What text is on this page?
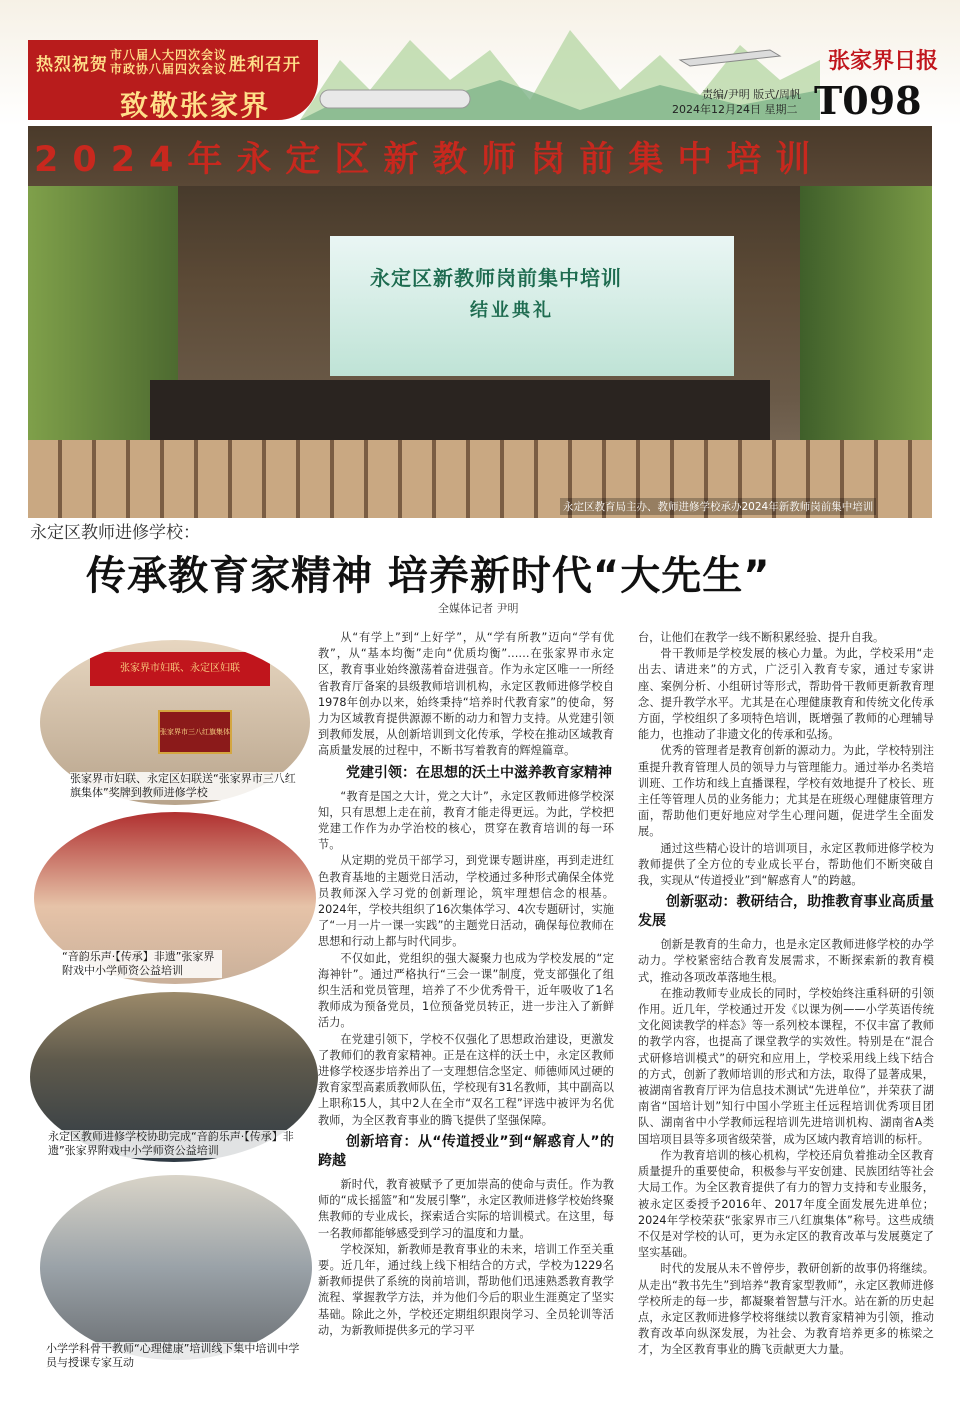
热烈祝贺 市八届人大四次会议
市政协八届四次会议 胜利召开
致敬张家界
张家界日报
责编/尹明 版式/周帆
2024年12月24日 星期二 T098
2024年永定区新教师岗前集中培训
永定区新教师岗前集中培训
结业典礼
永定区教育局主办、教师进修学校承办2024年新教师岗前集中培训
永定区教师进修学校：
传承教育家精神 培养新时代“大先生”
全媒体记者 尹明
张家界市妇联、永定区妇联
张家界市三八红旗集体
张家界市妇联、永定区妇联送“张家界市三八红旗集体”奖牌到教师进修学校
“音韵乐声·【传承】非遗”张家界附戏中小学师资公益培训
永定区教师进修学校协助完成“音韵乐声·【传承】非遗”张家界附戏中小学师资公益培训
小学学科骨干教师“心理健康”培训线下集中培训中学员与授课专家互动

从“有学上”到“上好学”，从“学有所教”迈向“学有优教”，从“基本均衡”走向“优质均衡”……在张家界市永定区，教育事业始终激荡着奋进强音。作为永定区唯一一所经省教育厅备案的县级教师培训机构，永定区教师进修学校自1978年创办以来，始终秉持“培养时代教育家”的使命，努力为区域教育提供源源不断的动力和智力支持。从党建引领到教师发展，从创新培训到文化传承，学校在推动区域教育高质量发展的过程中，不断书写着教育的辉煌篇章。

党建引领：在思想的沃土中滋养教育家精神

“教育是国之大计，党之大计”，永定区教师进修学校深知，只有思想上走在前，教育才能走得更远。为此，学校把党建工作作为办学治校的核心，贯穿在教育培训的每一环节。

从定期的党员干部学习，到党课专题讲座，再到走进红色教育基地的主题党日活动，学校通过多种形式确保全体党员教师深入学习党的创新理论，筑牢理想信念的根基。2024年，学校共组织了16次集体学习、4次专题研讨，实施了“一月一片一课一实践”的主题党日活动，确保每位教师在思想和行动上都与时代同步。

不仅如此，党组织的强大凝聚力也成为学校发展的“定海神针”。通过严格执行“三会一课”制度，党支部强化了组织生活和党员管理，培养了不少优秀骨干，近年吸收了1名教师成为预备党员，1位预备党员转正，进一步注入了新鲜活力。

在党建引领下，学校不仅强化了思想政治建设，更激发了教师们的教育家精神。正是在这样的沃土中，永定区教师进修学校逐步培养出了一支理想信念坚定、师德师风过硬的教育家型高素质教师队伍，学校现有31名教师，其中副高以上职称15人，其中2人在全市“双名工程”评选中被评为名优教师，为全区教育事业的腾飞提供了坚强保障。

创新培育：从“传道授业”到“解惑育人”的跨越

新时代，教育被赋予了更加崇高的使命与责任。作为教师的“成长摇篮”和“发展引擎”，永定区教师进修学校始终聚焦教师的专业成长，探索适合实际的培训模式。在这里，每一名教师都能够感受到学习的温度和力量。

学校深知，新教师是教育事业的未来，培训工作至关重要。近几年，通过线上线下相结合的方式，学校为1229名新教师提供了系统的岗前培训，帮助他们迅速熟悉教育教学流程、掌握教学方法，并为他们今后的职业生涯奠定了坚实基础。除此之外，学校还定期组织跟岗学习、全员轮训等活动，为新教师提供多元的学习平

台，让他们在教学一线不断积累经验、提升自我。

骨干教师是学校发展的核心力量。为此，学校采用“走出去、请进来”的方式，广泛引入教育专家，通过专家讲座、案例分析、小组研讨等形式，帮助骨干教师更新教育理念、提升教学水平。尤其是在心理健康教育和传统文化传承方面，学校组织了多项特色培训，既增强了教师的心理辅导能力，也推动了非遗文化的传承和弘扬。

优秀的管理者是教育创新的源动力。为此，学校特别注重提升教育管理人员的领导力与管理能力。通过举办名类培训班、工作坊和线上直播课程，学校有效地提升了校长、班主任等管理人员的业务能力；尤其是在班级心理健康管理方面，帮助他们更好地应对学生心理问题，促进学生全面发展。

通过这些精心设计的培训项目，永定区教师进修学校为教师提供了全方位的专业成长平台，帮助他们不断突破自我，实现从“传道授业”到“解惑育人”的跨越。

创新驱动：教研结合，助推教育事业高质量发展

创新是教育的生命力，也是永定区教师进修学校的办学动力。学校紧密结合教育发展需求，不断探索新的教育模式，推动各项改革落地生根。

在推动教师专业成长的同时，学校始终注重科研的引领作用。近几年，学校通过开发《以课为例——小学英语传统文化阅读教学的样态》等一系列校本课程，不仅丰富了教师的教学内容，也提高了课堂教学的实效性。特别是在“混合式研修培训模式”的研究和应用上，学校采用线上线下结合的方式，创新了教师培训的形式和方法，取得了显著成果，被湖南省教育厅评为信息技术测试“先进单位”，并荣获了湖南省“国培计划”知行中国小学班主任远程培训优秀项目团队、湖南省中小学教师远程培训先进培训机构、湖南省A类国培项目县等多项省级荣誉，成为区域内教育培训的标杆。

作为教育培训的核心机构，学校还肩负着推动全区教育质量提升的重要使命，积极参与平安创建、民族团结等社会大局工作。为全区教育提供了有力的智力支持和专业服务，被永定区委授予2016年、2017年度全面发展先进单位；2024年学校荣获“张家界市三八红旗集体”称号。这些成绩不仅是对学校的认可，更为永定区的教育改革与发展奠定了坚实基础。

时代的发展从未不曾停步，教研创新的故事仍将继续。从走出“教书先生”到培养“教育家型教师”，永定区教师进修学校所走的每一步，都凝聚着智慧与汗水。站在新的历史起点，永定区教师进修学校将继续以教育家精神为引领，推动教育改革向纵深发展，为社会、为教育培养更多的栋梁之才，为全区教育事业的腾飞贡献更大力量。
